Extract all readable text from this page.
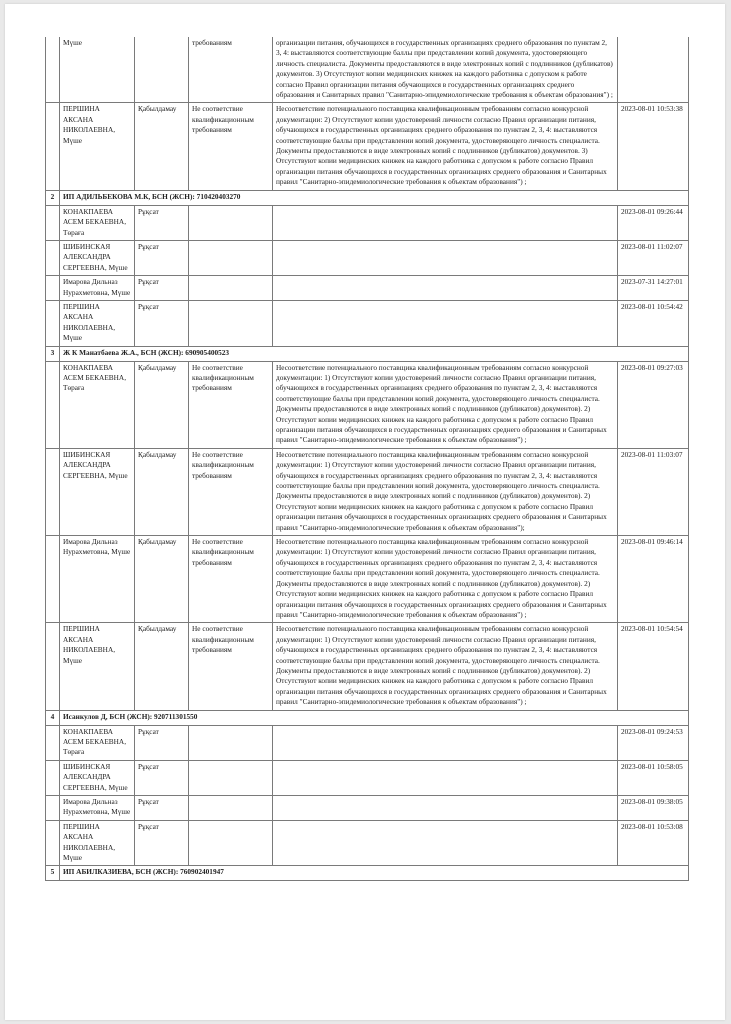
	Мүше		требованиям	организации питания, обучающихся в государственных организациях среднего образования по пунктам 2, 3, 4: выставляются соответствующие баллы при представлении копий документа, удостоверяющего личность специалиста. Документы предоставляются в виде электронных копий с подлинников (дубликатов) документов. 3) Отсутствуют копии медицинских книжек на каждого работника с допуском к работе согласно Правил организации питания обучающихся в государственных организациях среднего образования и Санитарных правил "Санитарно-эпидемиологические требования к объектам образования") ;	
	ПЕРШИНА АКСАНА НИКОЛАЕВНА, Мүше	Қабылдамау	Не соответствие квалификационным требованиям	Несоответствие потенциального поставщика квалификационным требованиям согласно конкурсной документации: 2) Отсутствуют копии удостоверений личности согласно Правил организации питания, обучающихся в государственных организациях среднего образования по пунктам 2, 3, 4: выставляются соответствующие баллы при представлении копий документа, удостоверяющего личность специалиста. Документы предоставляются в виде электронных копий с подлинников (дубликатов) документов. 3) Отсутствуют копии медицинских книжек на каждого работника с допуском к работе согласно Правил организации питания обучающихся в государственных организациях среднего образования и Санитарных правил "Санитарно-эпидемиологические требования к объектам образования") ;	2023-08-01 10:53:38
2	ИП АДИЛЬБЕКОВА М.К, БСН (ЖСН): 710420403270				
	КОНАКПАЕВА АСЕМ БЕКАЕВНА, Төраға	Рұқсат			2023-08-01 09:26:44
	ШИБИНСКАЯ АЛЕКСАНДРА СЕРГЕЕВНА, Мүше	Рұқсат			2023-08-01 11:02:07
	Имарова Дильназ Нурахметовна, Мүше	Рұқсат			2023-07-31 14:27:01
	ПЕРШИНА АКСАНА НИКОЛАЕВНА, Мүше	Рұқсат			2023-08-01 10:54:42
3	Ж К Манатбаева Ж.А., БСН (ЖСН): 690905400523				
	КОНАКПАЕВА АСЕМ БЕКАЕВНА, Төраға	Қабылдамау	Не соответствие квалификационным требованиям	Несоответствие потенциального поставщика квалификационным требованиям согласно конкурсной документации: 1) Отсутствуют копии удостоверений личности согласно Правил организации питания, обучающихся в государственных организациях среднего образования по пунктам 2, 3, 4: выставляются соответствующие баллы при представлении копий документа, удостоверяющего личность специалиста. Документы предоставляются в виде электронных копий с подлинников (дубликатов) документов). 2) Отсутствуют копии медицинских книжек на каждого работника с допуском к работе согласно Правил организации питания обучающихся в государственных организациях среднего образования и Санитарных правил "Санитарно-эпидемиологические требования к объектам образования") ;	2023-08-01 09:27:03
	ШИБИНСКАЯ АЛЕКСАНДРА СЕРГЕЕВНА, Мүше	Қабылдамау	Не соответствие квалификационным требованиям	Несоответствие потенциального поставщика квалификационным требованиям согласно конкурсной документации: 1) Отсутствуют копии удостоверений личности согласно Правил организации питания, обучающихся в государственных организациях среднего образования по пунктам 2, 3, 4: выставляются соответствующие баллы при представлении копий документа, удостоверяющего личность специалиста. Документы предоставляются в виде электронных копий с подлинников (дубликатов) документов). 2) Отсутствуют копии медицинских книжек на каждого работника с допуском к работе согласно Правил организации питания обучающихся в государственных организациях среднего образования и Санитарных правил "Санитарно-эпидемиологические требования к объектам образования");	2023-08-01 11:03:07
	Имарова Дильназ Нурахметовна, Мүше	Қабылдамау	Не соответствие квалификационным требованиям	Несоответствие потенциального поставщика квалификационным требованиям согласно конкурсной документации: 1) Отсутствуют копии удостоверений личности согласно Правил организации питания, обучающихся в государственных организациях среднего образования по пунктам 2, 3, 4: выставляются соответствующие баллы при представлении копий документа, удостоверяющего личность специалиста. Документы предоставляются в виде электронных копий с подлинников (дубликатов) документов). 2) Отсутствуют копии медицинских книжек на каждого работника с допуском к работе согласно Правил организации питания обучающихся в государственных организациях среднего образования и Санитарных правил "Санитарно-эпидемиологические требования к объектам образования") ;	2023-08-01 09:46:14
	ПЕРШИНА АКСАНА НИКОЛАЕВНА, Мүше	Қабылдамау	Не соответствие квалификационным требованиям	Несоответствие потенциального поставщика квалификационным требованиям согласно конкурсной документации: 1) Отсутствуют копии удостоверений личности согласно Правил организации питания, обучающихся в государственных организациях среднего образования по пунктам 2, 3, 4: выставляются соответствующие баллы при представлении копий документа, удостоверяющего личность специалиста. Документы предоставляются в виде электронных копий с подлинников (дубликатов) документов). 2) Отсутствуют копии медицинских книжек на каждого работника с допуском к работе согласно Правил организации питания обучающихся в государственных организациях среднего образования и Санитарных правил "Санитарно-эпидемиологические требования к объектам образования") ;	2023-08-01 10:54:54
4	Исанкулов Д, БСН (ЖСН): 920711301550				
	КОНАКПАЕВА АСЕМ БЕКАЕВНА, Төраға	Рұқсат			2023-08-01 09:24:53
	ШИБИНСКАЯ АЛЕКСАНДРА СЕРГЕЕВНА, Мүше	Рұқсат			2023-08-01 10:58:05
	Имарова Дильназ Нурахметовна, Мүше	Рұқсат			2023-08-01 09:38:05
	ПЕРШИНА АКСАНА НИКОЛАЕВНА, Мүше	Рұқсат			2023-08-01 10:53:08
5	ИП АБИЛКАЗИЕВА, БСН (ЖСН): 760902401947				
